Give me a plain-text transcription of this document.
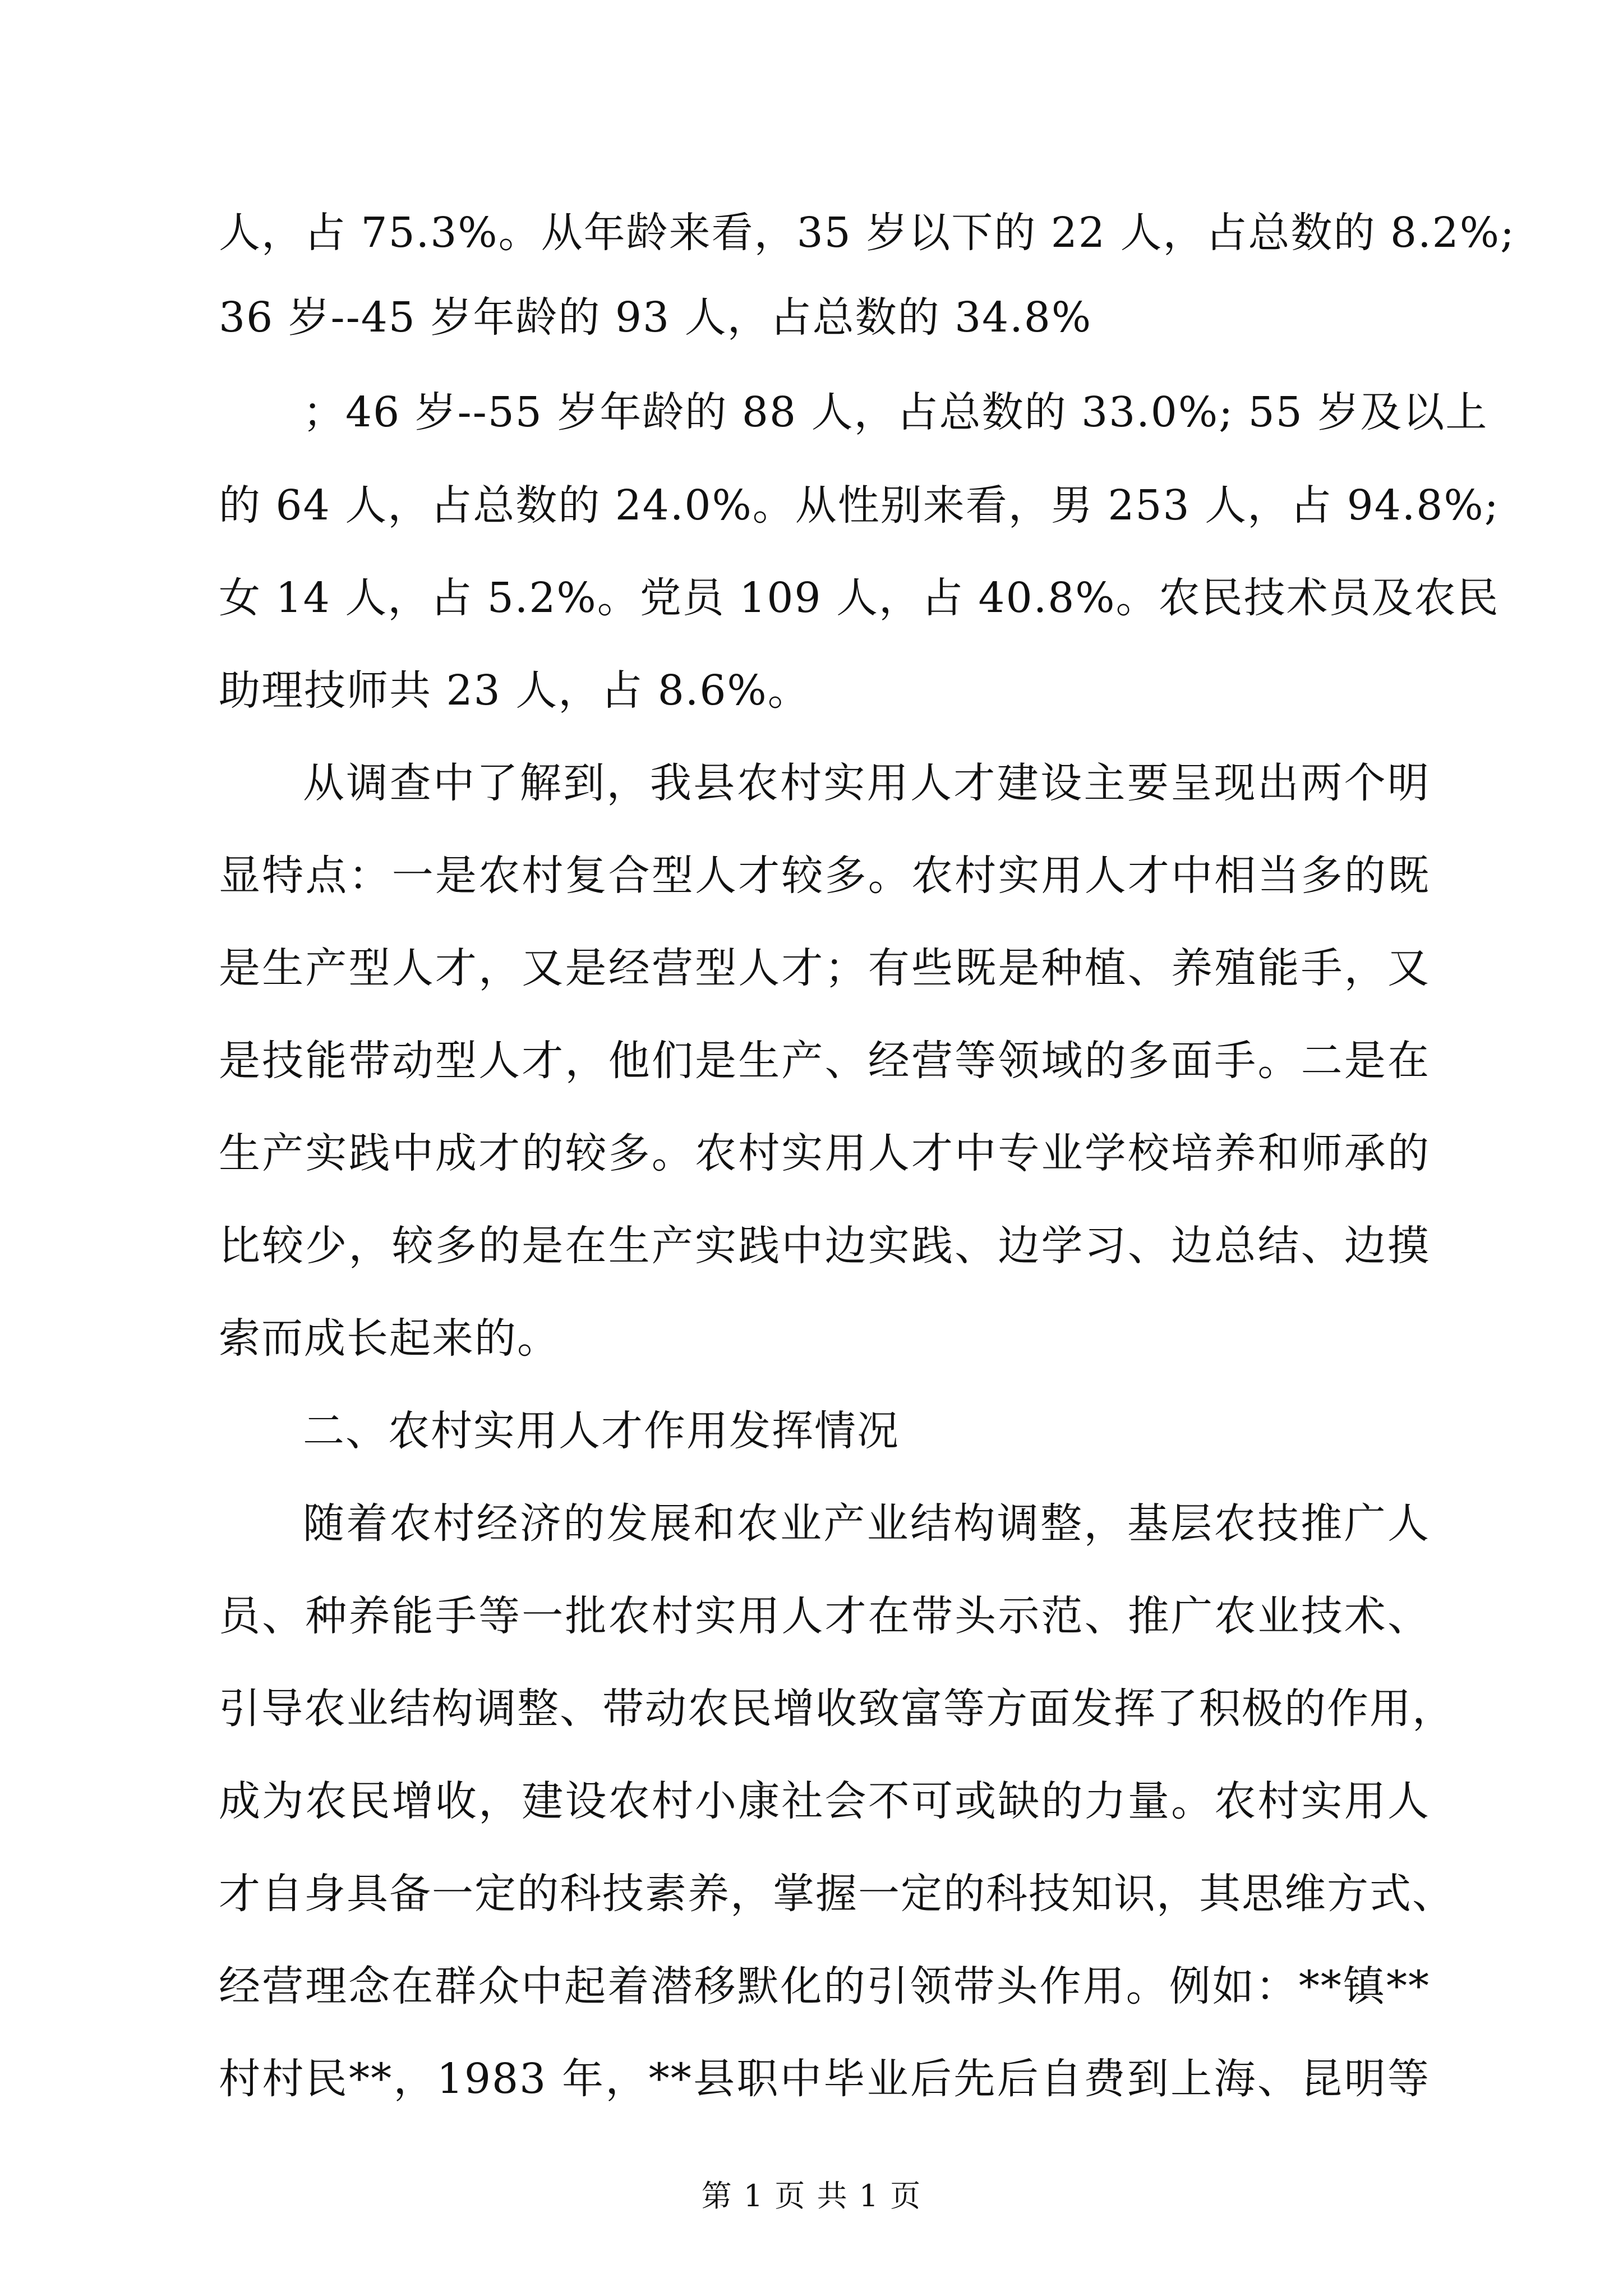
人，占 75.3%。从年龄来看，35 岁以下的 22 人，占总数的 8.2%;
36 岁--45 岁年龄的 93 人，占总数的 34.8%
；46 岁--55 岁年龄的 88 人，占总数的 33.0%; 55 岁及以上
的 64 人，占总数的 24.0%。从性别来看，男 253 人，占 94.8%;
女 14 人，占 5.2%。党员 109 人，占 40.8%。农民技术员及农民
助理技师共 23 人，占 8.6%。
从调查中了解到，我县农村实用人才建设主要呈现出两个明
显特点：一是农村复合型人才较多。农村实用人才中相当多的既
是生产型人才，又是经营型人才；有些既是种植、养殖能手，又
是技能带动型人才，他们是生产、经营等领域的多面手。二是在
生产实践中成才的较多。农村实用人才中专业学校培养和师承的
比较少，较多的是在生产实践中边实践、边学习、边总结、边摸
索而成长起来的。
二、农村实用人才作用发挥情况
随着农村经济的发展和农业产业结构调整，基层农技推广人
员、种养能手等一批农村实用人才在带头示范、推广农业技术、
引导农业结构调整、带动农民增收致富等方面发挥了积极的作用，
成为农民增收，建设农村小康社会不可或缺的力量。农村实用人
才自身具备一定的科技素养，掌握一定的科技知识，其思维方式、
经营理念在群众中起着潜移默化的引领带头作用。例如：**镇**
村村民**，1983 年，**县职中毕业后先后自费到上海、昆明等
第 1 页 共 1 页
